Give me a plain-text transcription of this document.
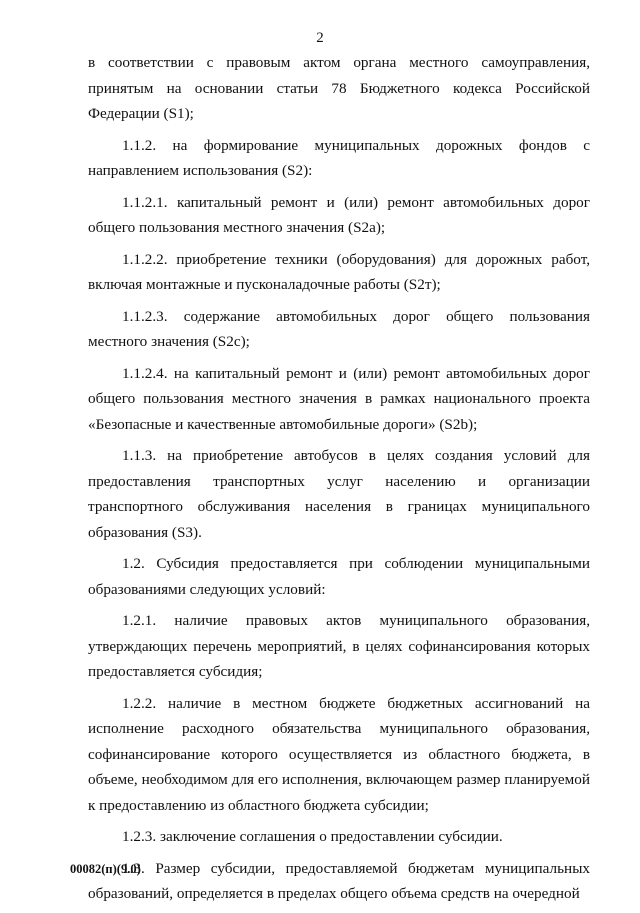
2

в соответствии с правовым актом органа местного самоуправления, принятым на основании статьи 78 Бюджетного кодекса Российской Федерации (S1);

1.1.2. на формирование муниципальных дорожных фондов с направлением использования (S2):

1.1.2.1. капитальный ремонт и (или) ремонт автомобильных дорог общего пользования местного значения (S2a);

1.1.2.2. приобретение техники (оборудования) для дорожных работ, включая монтажные и пусконаладочные работы (S2т);

1.1.2.3. содержание автомобильных дорог общего пользования местного значения (S2c);

1.1.2.4. на капитальный ремонт и (или) ремонт автомобильных дорог общего пользования местного значения в рамках национального проекта «Безопасные и качественные автомобильные дороги» (S2b);

1.1.3. на приобретение автобусов в целях создания условий для предоставления транспортных услуг населению и организации транспортного обслуживания населения в границах муниципального образования (S3).

1.2. Субсидия предоставляется при соблюдении муниципальными образованиями следующих условий:

1.2.1. наличие правовых актов муниципального образования, утверждающих перечень мероприятий, в целях софинансирования которых предоставляется субсидия;

1.2.2. наличие в местном бюджете бюджетных ассигнований на исполнение расходного обязательства муниципального образования, софинансирование которого осуществляется из областного бюджета, в объеме, необходимом для его исполнения, включающем размер планируемой к предоставлению из областного бюджета субсидии;

1.2.3. заключение соглашения о предоставлении субсидии.

1.3. Размер субсидии, предоставляемой бюджетам муниципальных образований, определяется в пределах общего объема средств на очередной

00082(п)(9.0)
